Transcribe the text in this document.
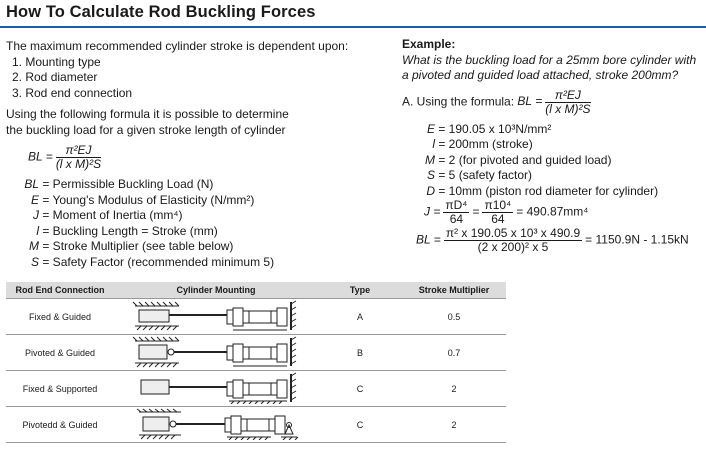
How To Calculate Rod Buckling Forces
The maximum recommended cylinder stroke is dependent upon:
1. Mounting type
2. Rod diameter
3. Rod end connection
Using the following formula it is possible to determine
the buckling load for a given stroke length of cylinder
BL = $\frac{\text{π²EJ}}{\text{(l x M)²S}}$
BL = Permissible Buckling Load (N)
E = Young's Modulus of Elasticity (N/mm²)
J = Moment of Inertia (mm⁴)
l = Buckling Length = Stroke (mm)
M = Stroke Multiplier (see table below)
S = Safety Factor (recommended minimum 5)
Example:
What is the buckling load for a 25mm bore cylinder with
a pivoted and guided load attached, stroke 200mm?
A. Using the formula: BL = $\frac{\text{π²EJ}}{\text{(l x M)²S}}$
E = 190.05 x 10³N/mm²
l = 200mm (stroke)
M = 2 (for pivoted and guided load)
S = 5 (safety factor)
D = 10mm (piston rod diameter for cylinder)
$J = \frac{\text{πD⁴}}{64} = \frac{\text{π10⁴}}{64} = 490.87mm^4$
BL = $\frac{\text{π² x 190.05 x 10³ x 490.9}}{\text{(2 x 200)² x 5}} = 1150.9N - 1.15kN$
Rod End Connection	Cylinder Mounting	Type	Stroke Multiplier
Fixed & Guided		A	0.5
Pivoted & Guided		B	0.7
Fixed & Supported		C	2
Pivotedd & Guided		C	2
